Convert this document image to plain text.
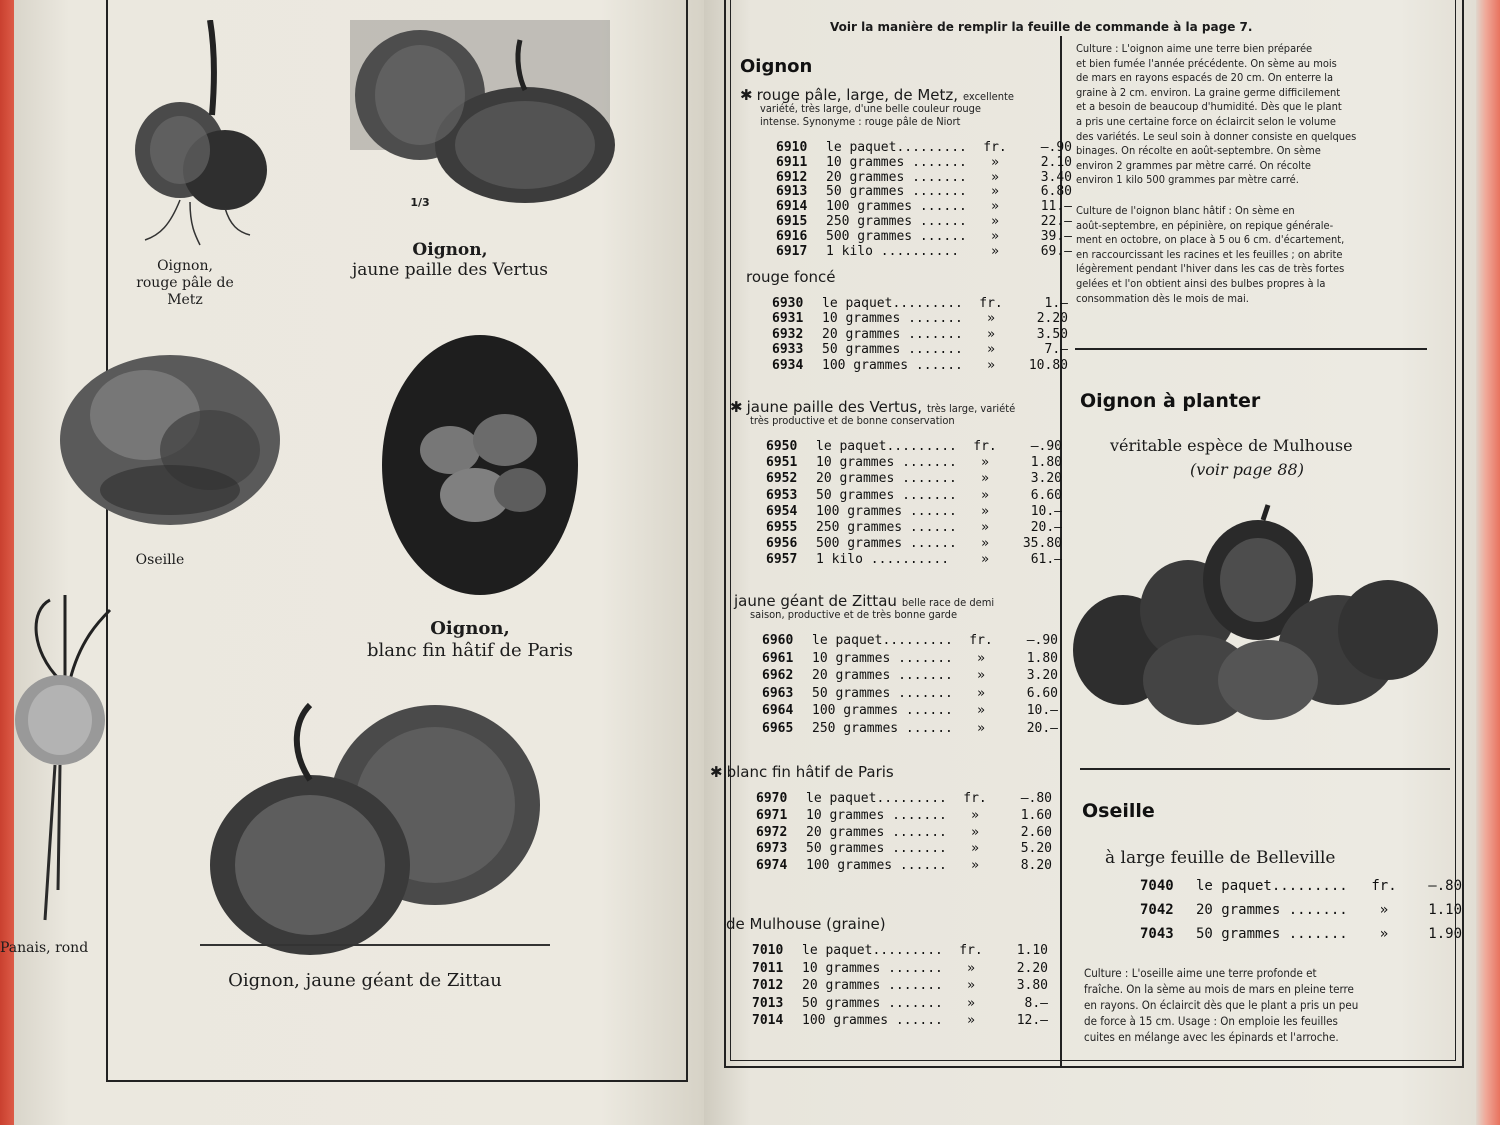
Oignon,
rouge pâle de Metz
1/3
Oignon,
jaune paille des Vertus
Oseille
Oignon,
blanc fin hâtif de Paris
Panais, rond
Oignon, jaune géant de Zittau
Voir la manière de remplir la feuille de commande à la page 7.
Oignon
✱ rouge pâle, large, de Metz, excellente
variété, très large, d'une belle couleur rouge
intense. Synonyme : rouge pâle de Niort
6910 le paquet......... fr.	—.90
6911 10 grammes ....... »	2.10
6912 20 grammes ....... »	3.40
6913 50 grammes ....... »	6.80
6914 100 grammes ...... »	11.—
6915 250 grammes ...... »	22.—
6916 500 grammes ...... »	39.—
6917 1 kilo .......... »	69.—
rouge foncé
6930 le paquet......... fr.	1.—
6931 10 grammes ....... »	2.20
6932 20 grammes ....... »	3.50
6933 50 grammes ....... »	7.—
6934 100 grammes ...... »	10.80
✱ jaune paille des Vertus, très large, variété
très productive et de bonne conservation
6950 le paquet......... fr.	—.90
6951 10 grammes ....... »	1.80
6952 20 grammes ....... »	3.20
6953 50 grammes ....... »	6.60
6954 100 grammes ...... »	10.—
6955 250 grammes ...... »	20.—
6956 500 grammes ...... »	35.80
6957 1 kilo .......... »	61.—
jaune géant de Zittau belle race de demi
saison, productive et de très bonne garde
6960 le paquet......... fr.	—.90
6961 10 grammes ....... »	1.80
6962 20 grammes ....... »	3.20
6963 50 grammes ....... »	6.60
6964 100 grammes ...... »	10.—
6965 250 grammes ...... »	20.—
✱ blanc fin hâtif de Paris
6970 le paquet......... fr.	—.80
6971 10 grammes ....... »	1.60
6972 20 grammes ....... »	2.60
6973 50 grammes ....... »	5.20
6974 100 grammes ...... »	8.20
de Mulhouse (graine)
7010 le paquet......... fr.	1.10
7011 10 grammes ....... »	2.20
7012 20 grammes ....... »	3.80
7013 50 grammes ....... »	8.—
7014 100 grammes ...... »	12.—
Culture : L'oignon aime une terre bien préparée
et bien fumée l'année précédente. On sème au mois
de mars en rayons espacés de 20 cm. On enterre la
graine à 2 cm. environ. La graine germe difficilement
et a besoin de beaucoup d'humidité. Dès que le plant
a pris une certaine force on éclaircit selon le volume
des variétés. Le seul soin à donner consiste en quelques
binages. On récolte en août-septembre. On sème
environ 2 grammes par mètre carré. On récolte
environ 1 kilo 500 grammes par mètre carré.
Culture de l'oignon blanc hâtif : On sème en
août-septembre, en pépinière, on repique générale-
ment en octobre, on place à 5 ou 6 cm. d'écartement,
en raccourcissant les racines et les feuilles ; on abrite
légèrement pendant l'hiver dans les cas de très fortes
gelées et l'on obtient ainsi des bulbes propres à la
consommation dès le mois de mai.
Oignon à planter
véritable espèce de Mulhouse
(voir page 88)
Oseille
à large feuille de Belleville
7040 le paquet......... fr. —.80
7042 20 grammes ....... »	1.10
7043 50 grammes ....... »	1.90
Culture : L'oseille aime une terre profonde et
fraîche. On la sème au mois de mars en pleine terre
en rayons. On éclaircit dès que le plant a pris un peu
de force à 15 cm. Usage : On emploie les feuilles
cuites en mélange avec les épinards et l'arroche.
